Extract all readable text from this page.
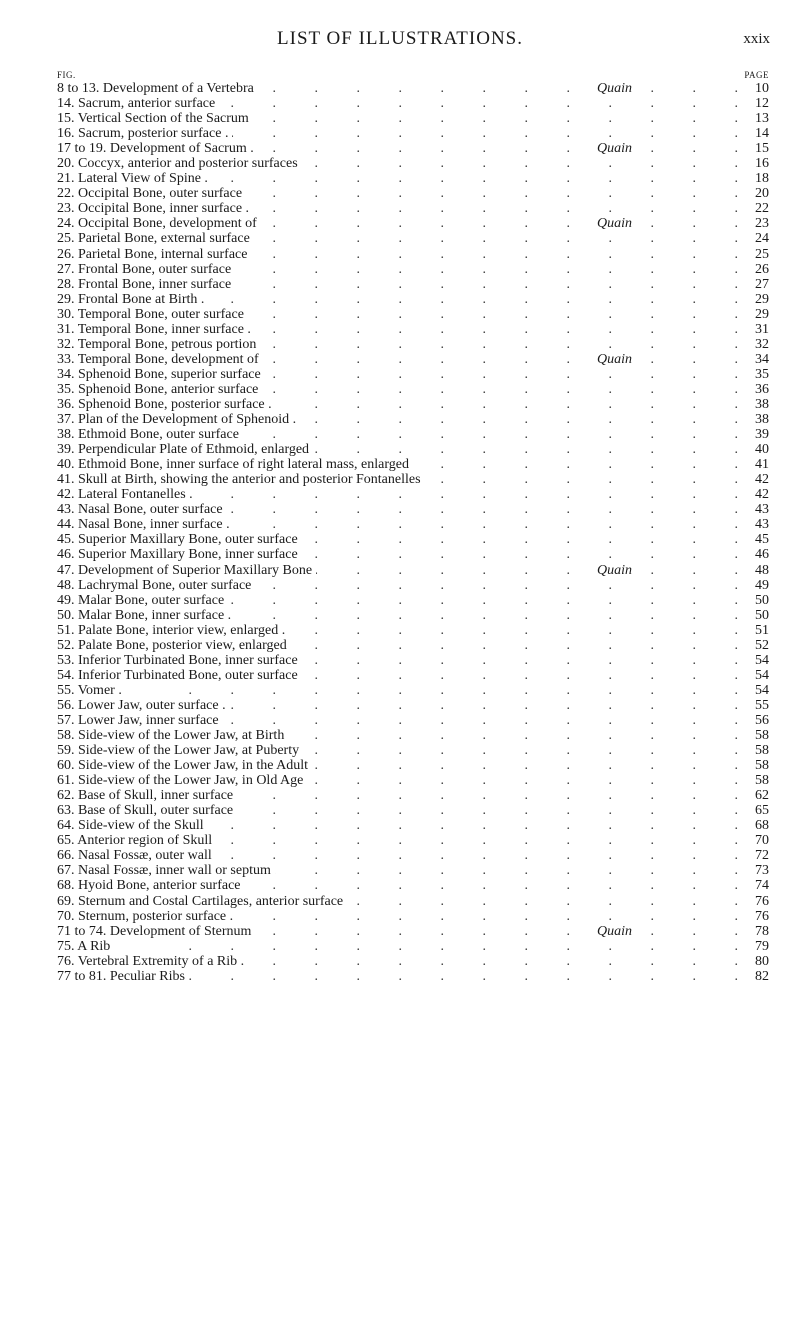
LIST OF ILLUSTRATIONS.	xxix
FIG.	PAGE
.
8 to 13. Development of a Vertebra	Quain	10
.
14. Sacrum, anterior surface	12
.
15. Vertical Section of the Sacrum	13
.
16. Sacrum, posterior surface .	14
.
17 to 19. Development of Sacrum .	Quain	15
.
20. Coccyx, anterior and posterior surfaces	16
.
21. Lateral View of Spine .	18
.
22. Occipital Bone, outer surface	20
.
23. Occipital Bone, inner surface .	22
.
24. Occipital Bone, development of	Quain	23
.
25. Parietal Bone, external surface	24
.
26. Parietal Bone, internal surface	25
.
27. Frontal Bone, outer surface	26
.
28. Frontal Bone, inner surface	27
.
29. Frontal Bone at Birth .	29
.
30. Temporal Bone, outer surface	29
.
31. Temporal Bone, inner surface .	31
.
32. Temporal Bone, petrous portion	32
.
33. Temporal Bone, development of	Quain	34
.
34. Sphenoid Bone, superior surface	35
.
35. Sphenoid Bone, anterior surface	36
.
36. Sphenoid Bone, posterior surface .	38
.
37. Plan of the Development of Sphenoid .	38
.
38. Ethmoid Bone, outer surface	39
.
39. Perpendicular Plate of Ethmoid, enlarged	40
.
40. Ethmoid Bone, inner surface of right lateral mass, enlarged	41
.
41. Skull at Birth, showing the anterior and posterior Fontanelles	42
.
42. Lateral Fontanelles .	42
.
43. Nasal Bone, outer surface	43
.
44. Nasal Bone, inner surface .	43
.
45. Superior Maxillary Bone, outer surface	45
.
46. Superior Maxillary Bone, inner surface	46
.
47. Development of Superior Maxillary Bone	Quain	48
.
48. Lachrymal Bone, outer surface	49
.
49. Malar Bone, outer surface	50
.
50. Malar Bone, inner surface .	50
.
51. Palate Bone, interior view, enlarged .	51
.
52. Palate Bone, posterior view, enlarged	52
.
53. Inferior Turbinated Bone, inner surface	54
.
54. Inferior Turbinated Bone, outer surface	54
.
55. Vomer .	54
.
56. Lower Jaw, outer surface .	55
.
57. Lower Jaw, inner surface	56
.
58. Side-view of the Lower Jaw, at Birth	58
.
59. Side-view of the Lower Jaw, at Puberty	58
.
60. Side-view of the Lower Jaw, in the Adult	58
.
61. Side-view of the Lower Jaw, in Old Age	58
.
62. Base of Skull, inner surface	62
.
63. Base of Skull, outer surface	65
.
64. Side-view of the Skull	68
.
65. Anterior region of Skull	70
.
66. Nasal Fossæ, outer wall	72
.
67. Nasal Fossæ, inner wall or septum	73
.
68. Hyoid Bone, anterior surface	74
.
69. Sternum and Costal Cartilages, anterior surface	76
.
70. Sternum, posterior surface .	76
.
71 to 74. Development of Sternum	Quain	78
.
75. A Rib	79
.
76. Vertebral Extremity of a Rib .	80
.
77 to 81. Peculiar Ribs	82
